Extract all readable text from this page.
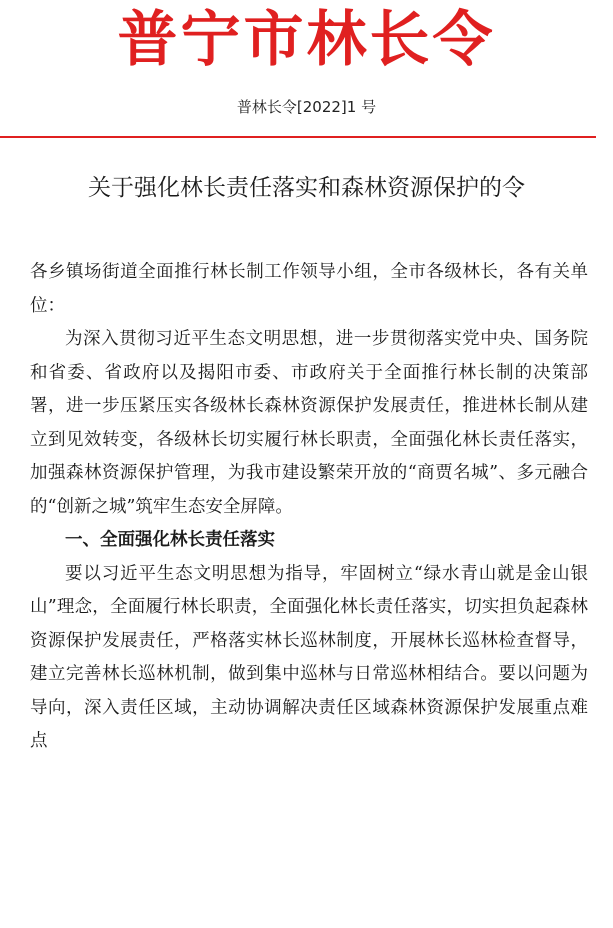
普宁市林长令
普林长令[2022]1 号
关于强化林长责任落实和森林资源保护的令

各乡镇场街道全面推行林长制工作领导小组，全市各级林长，各有关单位：

为深入贯彻习近平生态文明思想，进一步贯彻落实党中央、国务院和省委、省政府以及揭阳市委、市政府关于全面推行林长制的决策部署，进一步压紧压实各级林长森林资源保护发展责任，推进林长制从建立到见效转变，各级林长切实履行林长职责，全面强化林长责任落实，加强森林资源保护管理，为我市建设繁荣开放的“商贾名城”、多元融合的“创新之城”筑牢生态安全屏障。

一、全面强化林长责任落实

要以习近平生态文明思想为指导，牢固树立“绿水青山就是金山银山”理念，全面履行林长职责，全面强化林长责任落实，切实担负起森林资源保护发展责任，严格落实林长巡林制度，开展林长巡林检查督导，建立完善林长巡林机制，做到集中巡林与日常巡林相结合。要以问题为导向，深入责任区域，主动协调解决责任区域森林资源保护发展重点难点
